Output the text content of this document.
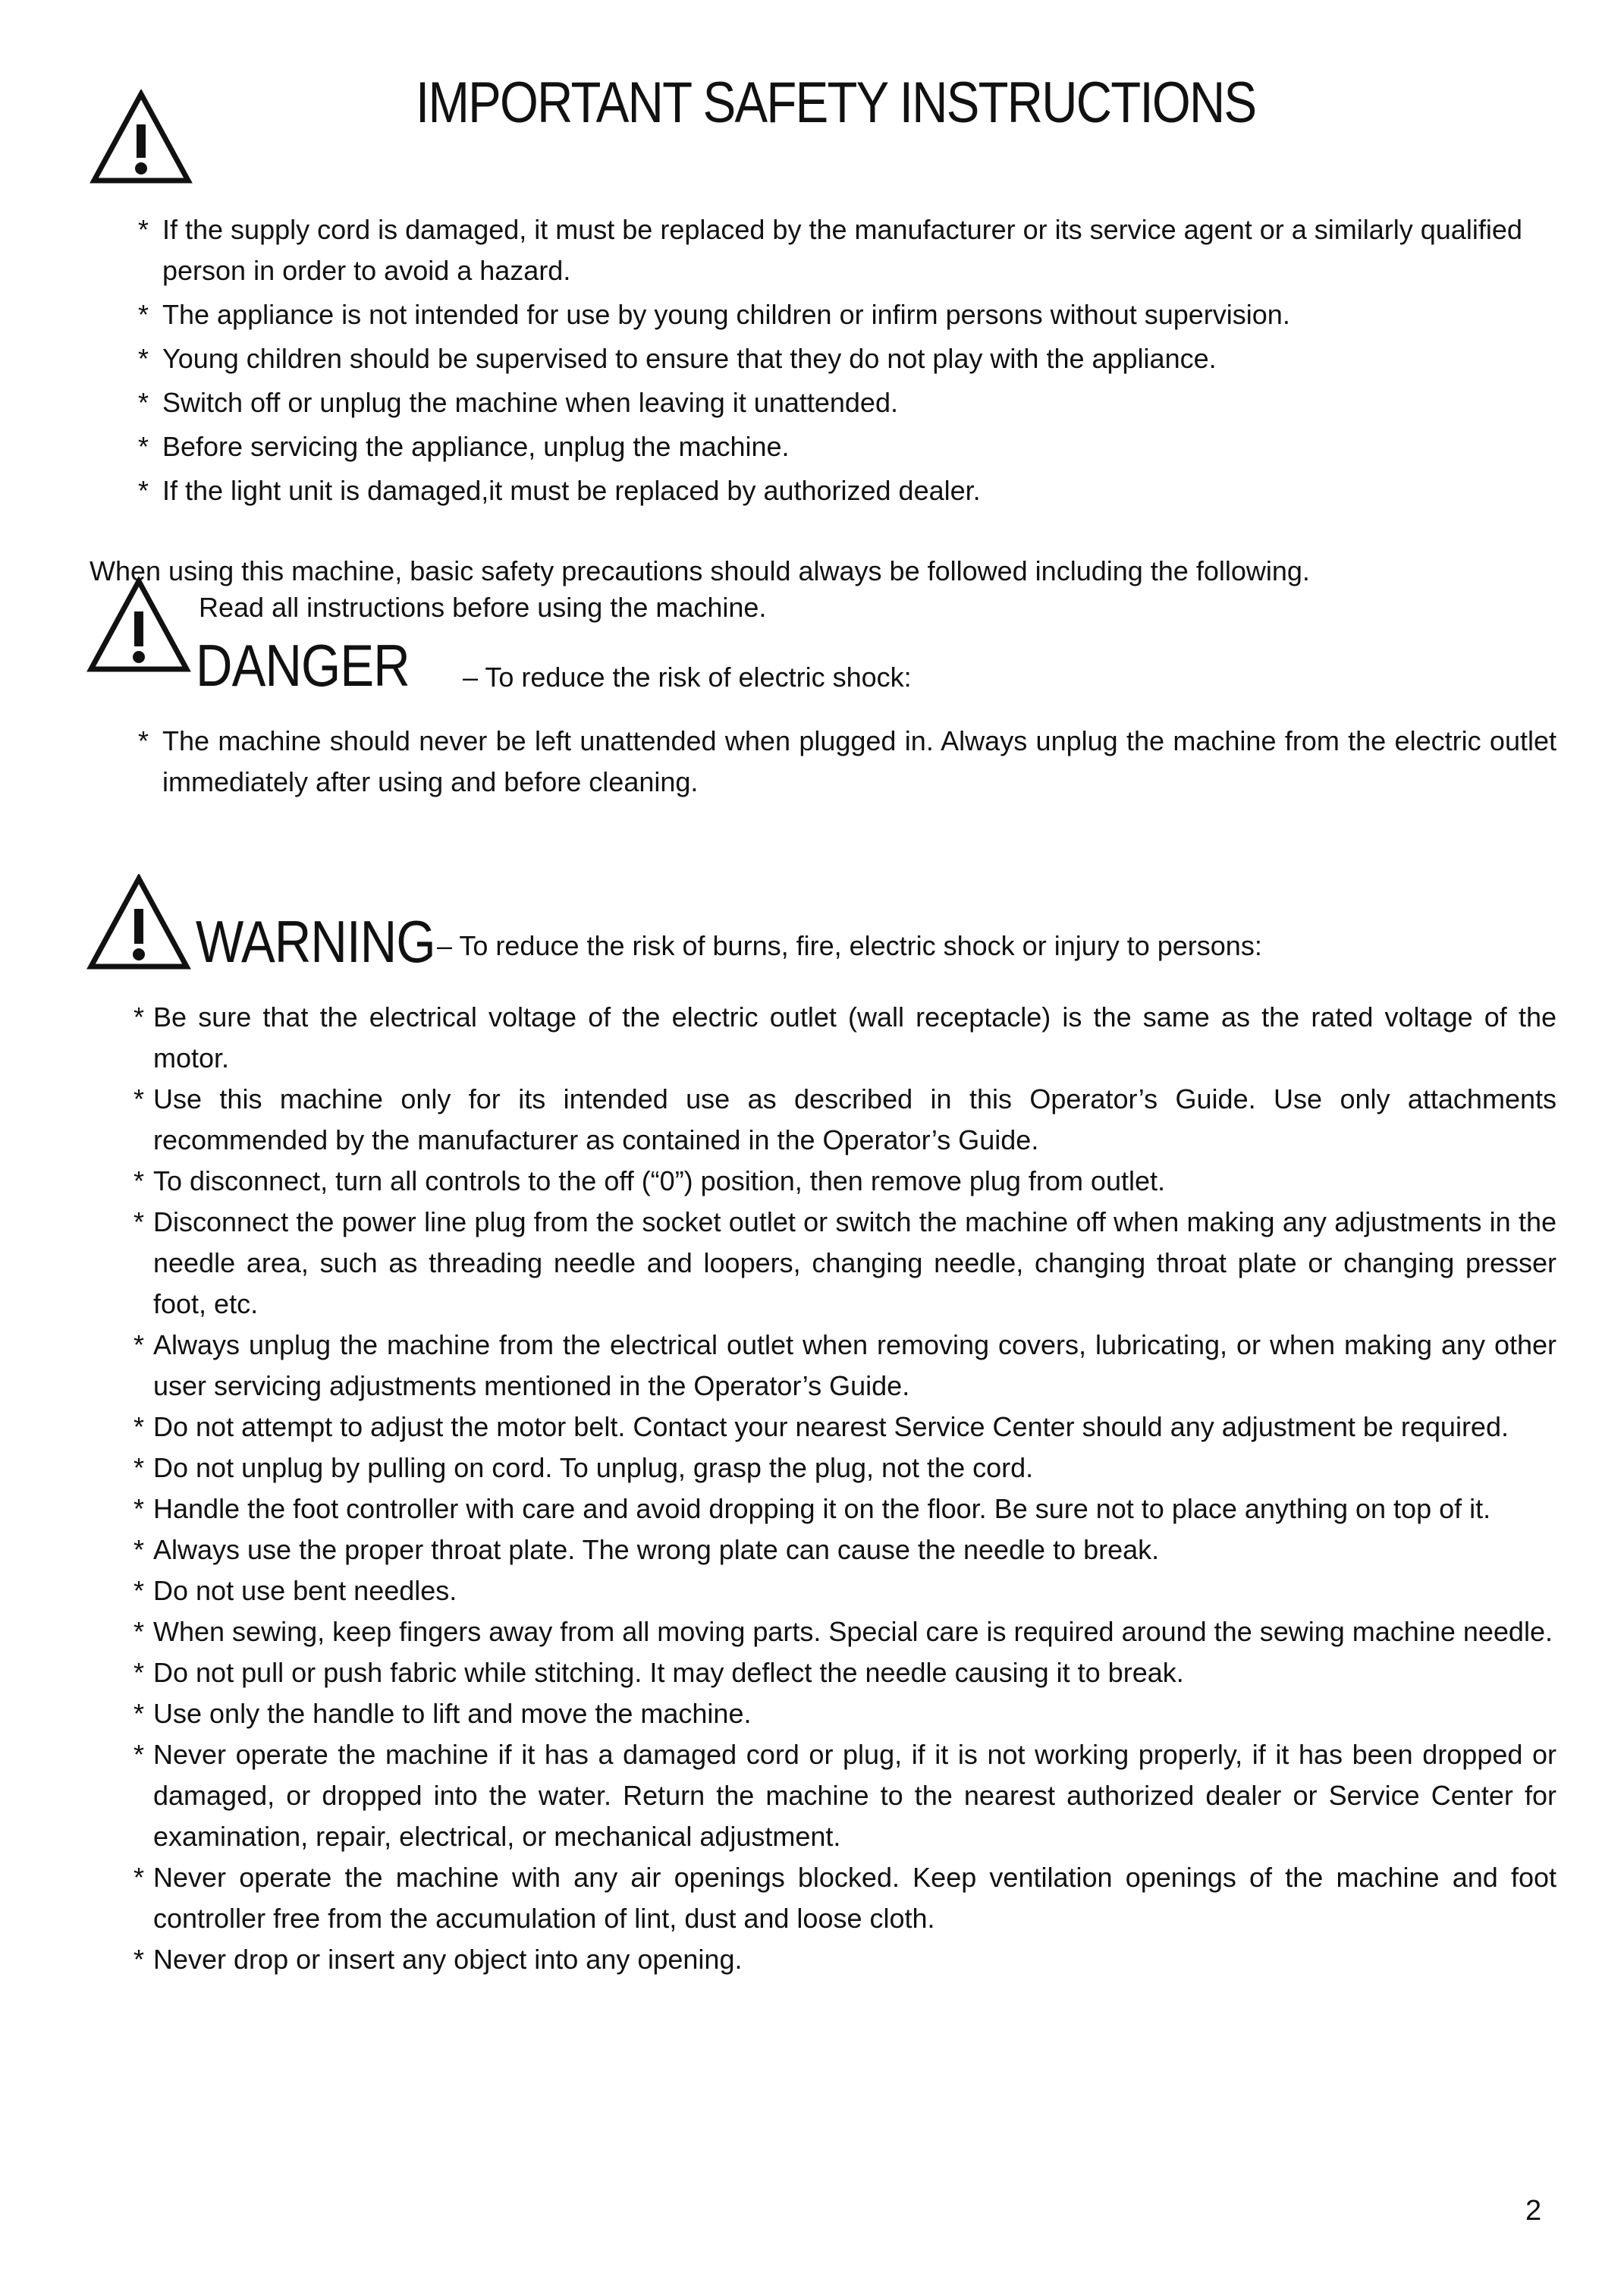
IMPORTANT SAFETY INSTRUCTIONS
* If the supply cord is damaged, it must be replaced by the manufacturer or its service agent or a similarly qualified person in order to avoid a hazard.
* The appliance is not intended for use by young children or infirm persons without supervision.
* Young children should be supervised to ensure that they do not play with the appliance.
* Switch off or unplug the machine when leaving it unattended.
* Before servicing the appliance, unplug the machine.
* If the light unit is damaged,it must be replaced by authorized dealer.
When using this machine, basic safety precautions should always be followed including the following.
Read all instructions before using the machine.
DANGER – To reduce the risk of electric shock:
* The machine should never be left unattended when plugged in. Always unplug the machine from the electric outlet immediately after using and before cleaning.
WARNING – To reduce the risk of burns, fire, electric shock or injury to persons:
* Be sure that the electrical voltage of the electric outlet (wall receptacle) is the same as the rated voltage of the motor.
* Use this machine only for its intended use as described in this Operator’s Guide. Use only attachments recommended by the manufacturer as contained in the Operator’s Guide.
* To disconnect, turn all controls to the off (“0”) position, then remove plug from outlet.
* Disconnect the power line plug from the socket outlet or switch the machine off when making any adjustments in the needle area, such as threading needle and loopers, changing needle, changing throat plate or changing presser foot, etc.
* Always unplug the machine from the electrical outlet when removing covers, lubricating, or when making any other user servicing adjustments mentioned in the Operator’s Guide.
* Do not attempt to adjust the motor belt. Contact your nearest Service Center should any adjustment be required.
* Do not unplug by pulling on cord. To unplug, grasp the plug, not the cord.
* Handle the foot controller with care and avoid dropping it on the floor. Be sure not to place anything on top of it.
* Always use the proper throat plate. The wrong plate can cause the needle to break.
* Do not use bent needles.
* When sewing, keep fingers away from all moving parts. Special care is required around the sewing machine needle.
* Do not pull or push fabric while stitching. It may deflect the needle causing it to break.
* Use only the handle to lift and move the machine.
* Never operate the machine if it has a damaged cord or plug, if it is not working properly, if it has been dropped or damaged, or dropped into the water. Return the machine to the nearest authorized dealer or Service Center for examination, repair, electrical, or mechanical adjustment.
* Never operate the machine with any air openings blocked. Keep ventilation openings of the machine and foot controller free from the accumulation of lint, dust and loose cloth.
* Never drop or insert any object into any opening.
2
